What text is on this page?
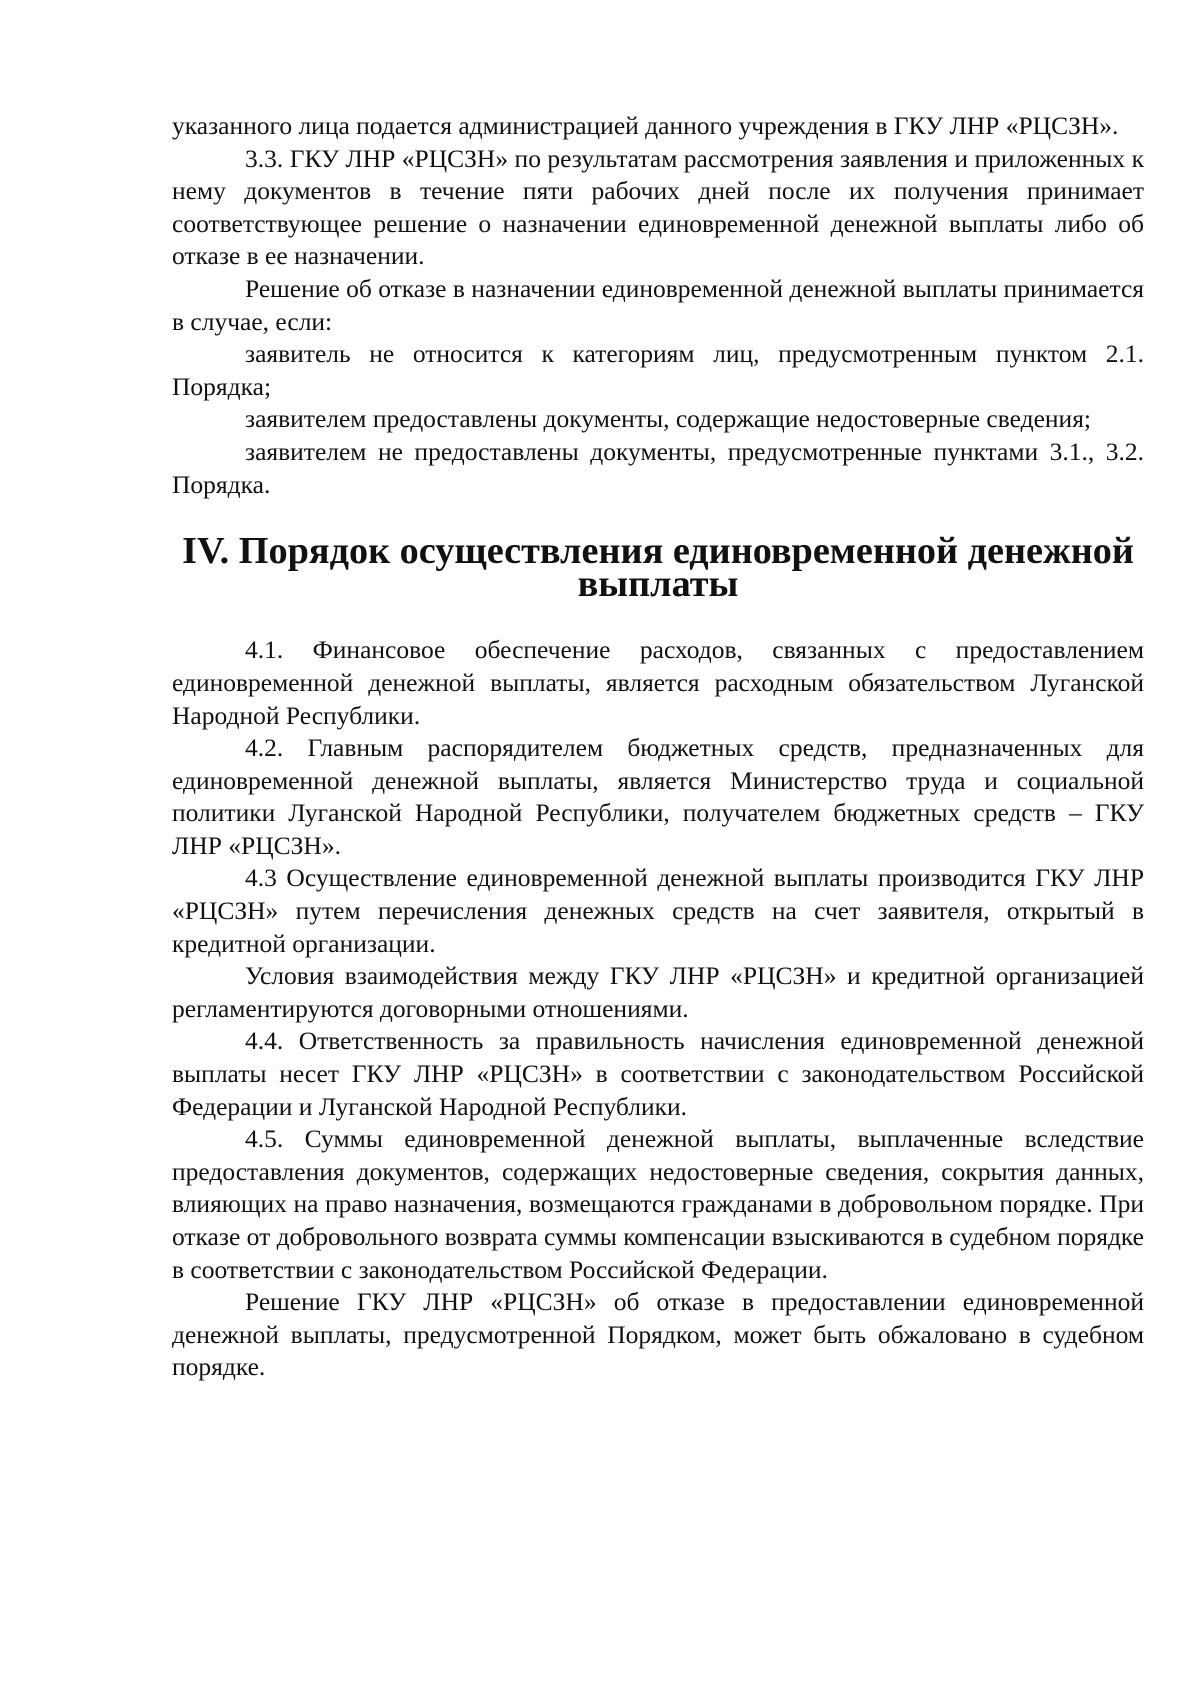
указанного лица подается администрацией данного учреждения в ГКУ ЛНР «РЦСЗН».

3.3. ГКУ ЛНР «РЦСЗН» по результатам рассмотрения заявления и приложенных к нему документов в течение пяти рабочих дней после их получения принимает соответствующее решение о назначении единовременной денежной выплаты либо об отказе в ее назначении.

Решение об отказе в назначении единовременной денежной выплаты принимается в случае, если:

заявитель не относится к категориям лиц, предусмотренным пунктом 2.1. Порядка;

заявителем предоставлены документы, содержащие недостоверные сведения;

заявителем не предоставлены документы, предусмотренные пунктами 3.1., 3.2. Порядка.

IV. Порядок осуществления единовременной денежной выплаты

4.1. Финансовое обеспечение расходов, связанных с предоставлением единовременной денежной выплаты, является расходным обязательством Луганской Народной Республики.

4.2. Главным распорядителем бюджетных средств, предназначенных для единовременной денежной выплаты, является Министерство труда и социальной политики Луганской Народной Республики, получателем бюджетных средств – ГКУ ЛНР «РЦСЗН».

4.3 Осуществление единовременной денежной выплаты производится ГКУ ЛНР «РЦСЗН» путем перечисления денежных средств на счет заявителя, открытый в кредитной организации.

Условия взаимодействия между ГКУ ЛНР «РЦСЗН» и кредитной организацией регламентируются договорными отношениями.

4.4. Ответственность за правильность начисления единовременной денежной выплаты несет ГКУ ЛНР «РЦСЗН» в соответствии с законодательством Российской Федерации и Луганской Народной Республики.

4.5. Суммы единовременной денежной выплаты, выплаченные вследствие предоставления документов, содержащих недостоверные сведения, сокрытия данных, влияющих на право назначения, возмещаются гражданами в добровольном порядке. При отказе от добровольного возврата суммы компенсации взыскиваются в судебном порядке в соответствии с законодательством Российской Федерации.

Решение ГКУ ЛНР «РЦСЗН» об отказе в предоставлении единовременной денежной выплаты, предусмотренной Порядком, может быть обжаловано в судебном порядке.
